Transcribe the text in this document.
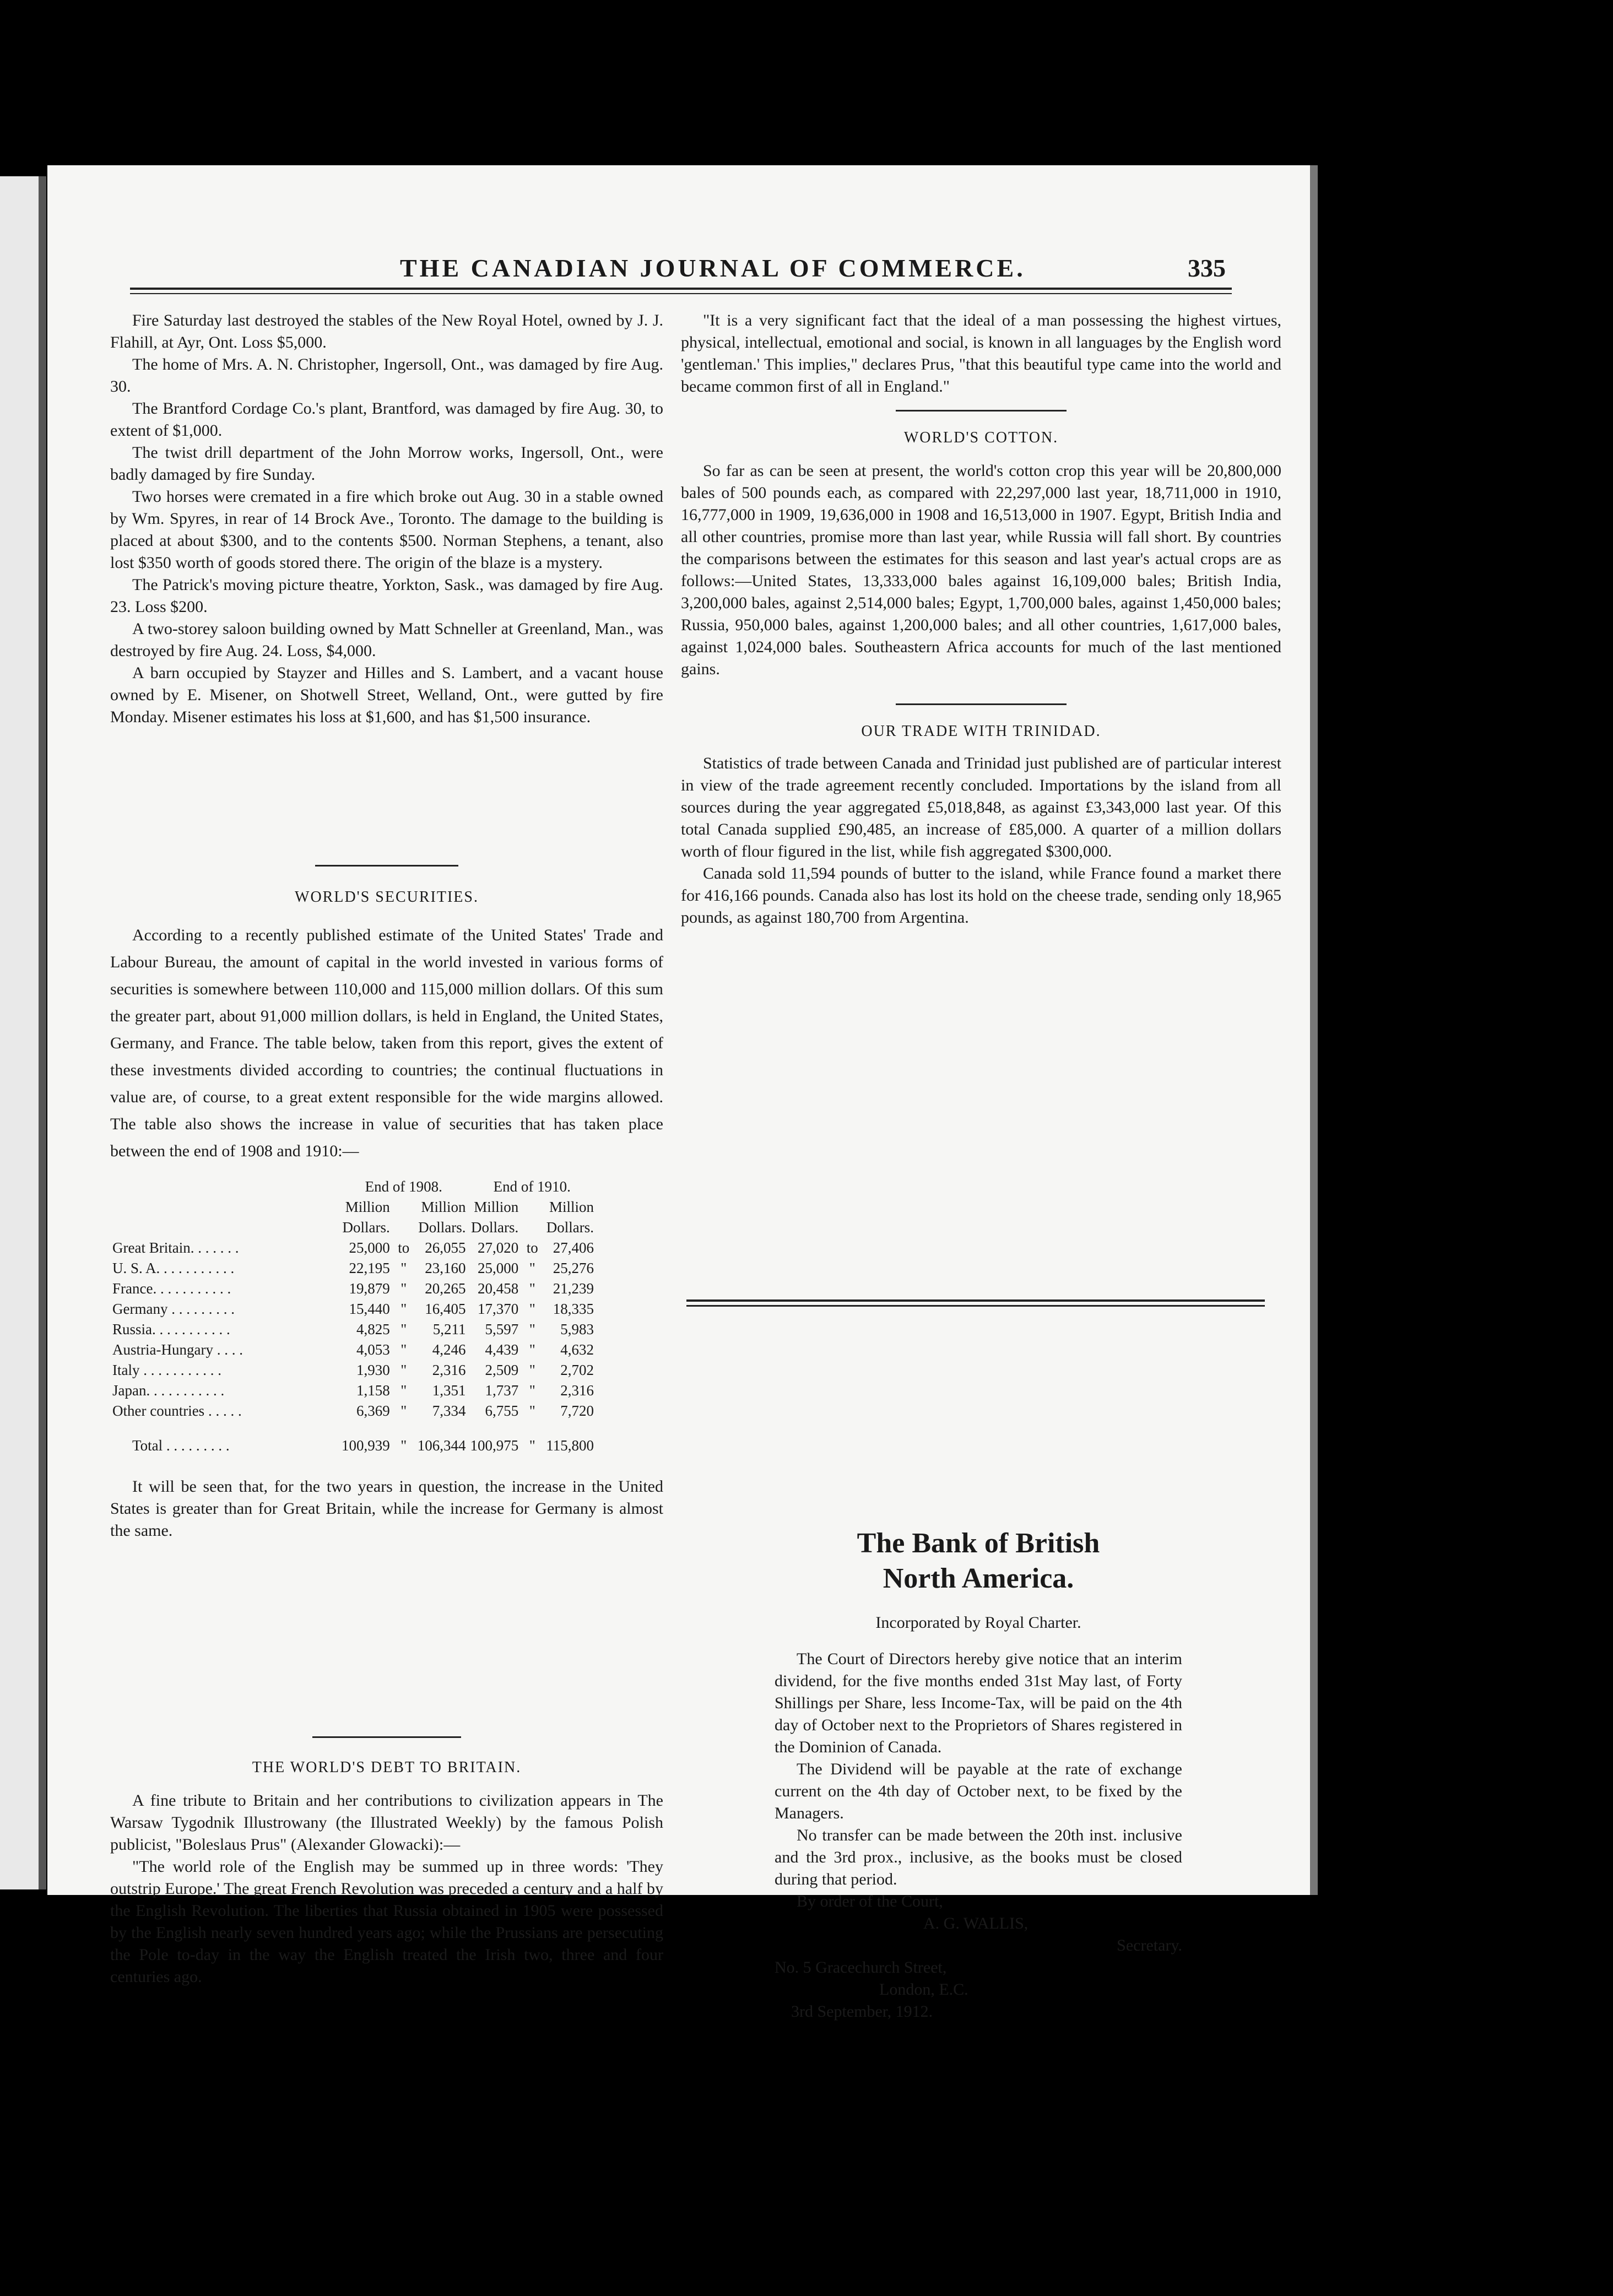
THE CANADIAN JOURNAL OF COMMERCE.	335

Fire Saturday last destroyed the stables of the New Royal Hotel, owned by J. J. Flahill, at Ayr, Ont. Loss $5,000.

The home of Mrs. A. N. Christopher, Ingersoll, Ont., was damaged by fire Aug. 30.

The Brantford Cordage Co.'s plant, Brantford, was damaged by fire Aug. 30, to extent of $1,000.

The twist drill department of the John Morrow works, Ingersoll, Ont., were badly damaged by fire Sunday.

Two horses were cremated in a fire which broke out Aug. 30 in a stable owned by Wm. Spyres, in rear of 14 Brock Ave., Toronto. The damage to the building is placed at about $300, and to the contents $500. Norman Stephens, a tenant, also lost $350 worth of goods stored there. The origin of the blaze is a mystery.

The Patrick's moving picture theatre, Yorkton, Sask., was damaged by fire Aug. 23. Loss $200.

A two-storey saloon building owned by Matt Schneller at Greenland, Man., was destroyed by fire Aug. 24. Loss, $4,000.

A barn occupied by Stayzer and Hilles and S. Lambert, and a vacant house owned by E. Misener, on Shotwell Street, Welland, Ont., were gutted by fire Monday. Misener estimates his loss at $1,600, and has $1,500 insurance.

WORLD'S SECURITIES.

According to a recently published estimate of the United States' Trade and Labour Bureau, the amount of capital in the world invested in various forms of securities is somewhere between 110,000 and 115,000 million dollars. Of this sum the greater part, about 91,000 million dollars, is held in England, the United States, Germany, and France. The table below, taken from this report, gives the extent of these investments divided according to countries; the continual fluctuations in value are, of course, to a great extent responsible for the wide margins allowed. The table also shows the increase in value of securities that has taken place between the end of 1908 and 1910:—

	End of 1908.			End of 1910.		
	Million		Million	Million		Million
	Dollars.		Dollars.	Dollars.		Dollars.
Great Britain. . . . . . .	25,000	to	26,055	27,020	to	27,406
U. S. A. . . . . . . . . . .	22,195	"	23,160	25,000	"	25,276
France. . . . . . . . . . .	19,879	"	20,265	20,458	"	21,239
Germany . . . . . . . . .	15,440	"	16,405	17,370	"	18,335
Russia. . . . . . . . . . .	4,825	"	5,211	5,597	"	5,983
Austria-Hungary . . . .	4,053	"	4,246	4,439	"	4,632
Italy . . . . . . . . . . .	1,930	"	2,316	2,509	"	2,702
Japan. . . . . . . . . . .	1,158	"	1,351	1,737	"	2,316
Other countries . . . . .	6,369	"	7,334	6,755	"	7,720

Total . . . . . . . . .	100,939	"	106,344	100,975	"	115,800

It will be seen that, for the two years in question, the increase in the United States is greater than for Great Britain, while the increase for Germany is almost the same.

THE WORLD'S DEBT TO BRITAIN.

A fine tribute to Britain and her contributions to civilization appears in The Warsaw Tygodnik Illustrowany (the Illustrated Weekly) by the famous Polish publicist, "Boleslaus Prus" (Alexander Glowacki):—

"The world role of the English may be summed up in three words: 'They outstrip Europe.' The great French Revolution was preceded a century and a half by the English Revolution. The liberties that Russia obtained in 1905 were possessed by the English nearly seven hundred years ago; while the Prussians are persecuting the Pole to-day in the way the English treated the Irish two, three and four centuries ago.

"It is a very significant fact that the ideal of a man possessing the highest virtues, physical, intellectual, emotional and social, is known in all languages by the English word 'gentleman.' This implies," declares Prus, "that this beautiful type came into the world and became common first of all in England."

WORLD'S COTTON.

So far as can be seen at present, the world's cotton crop this year will be 20,800,000 bales of 500 pounds each, as compared with 22,297,000 last year, 18,711,000 in 1910, 16,777,000 in 1909, 19,636,000 in 1908 and 16,513,000 in 1907. Egypt, British India and all other countries, promise more than last year, while Russia will fall short. By countries the comparisons between the estimates for this season and last year's actual crops are as follows:—United States, 13,333,000 bales against 16,109,000 bales; British India, 3,200,000 bales, against 2,514,000 bales; Egypt, 1,700,000 bales, against 1,450,000 bales; Russia, 950,000 bales, against 1,200,000 bales; and all other countries, 1,617,000 bales, against 1,024,000 bales. Southeastern Africa accounts for much of the last mentioned gains.

OUR TRADE WITH TRINIDAD.

Statistics of trade between Canada and Trinidad just published are of particular interest in view of the trade agreement recently concluded. Importations by the island from all sources during the year aggregated £5,018,848, as against £3,343,000 last year. Of this total Canada supplied £90,485, an increase of £85,000. A quarter of a million dollars worth of flour figured in the list, while fish aggregated $300,000.

Canada sold 11,594 pounds of butter to the island, while France found a market there for 416,166 pounds. Canada also has lost its hold on the cheese trade, sending only 18,965 pounds, as against 180,700 from Argentina.

The Bank of British
North America.

Incorporated by Royal Charter.

The Court of Directors hereby give notice that an interim dividend, for the five months ended 31st May last, of Forty Shillings per Share, less Income-Tax, will be paid on the 4th day of October next to the Proprietors of Shares registered in the Dominion of Canada.

The Dividend will be payable at the rate of exchange current on the 4th day of October next, to be fixed by the Managers.

No transfer can be made between the 20th inst. inclusive and the 3rd prox., inclusive, as the books must be closed during that period.

By order of the Court,

A. G. WALLIS,
Secretary.
No. 5 Gracechurch Street,
London, E.C.
3rd September, 1912.
